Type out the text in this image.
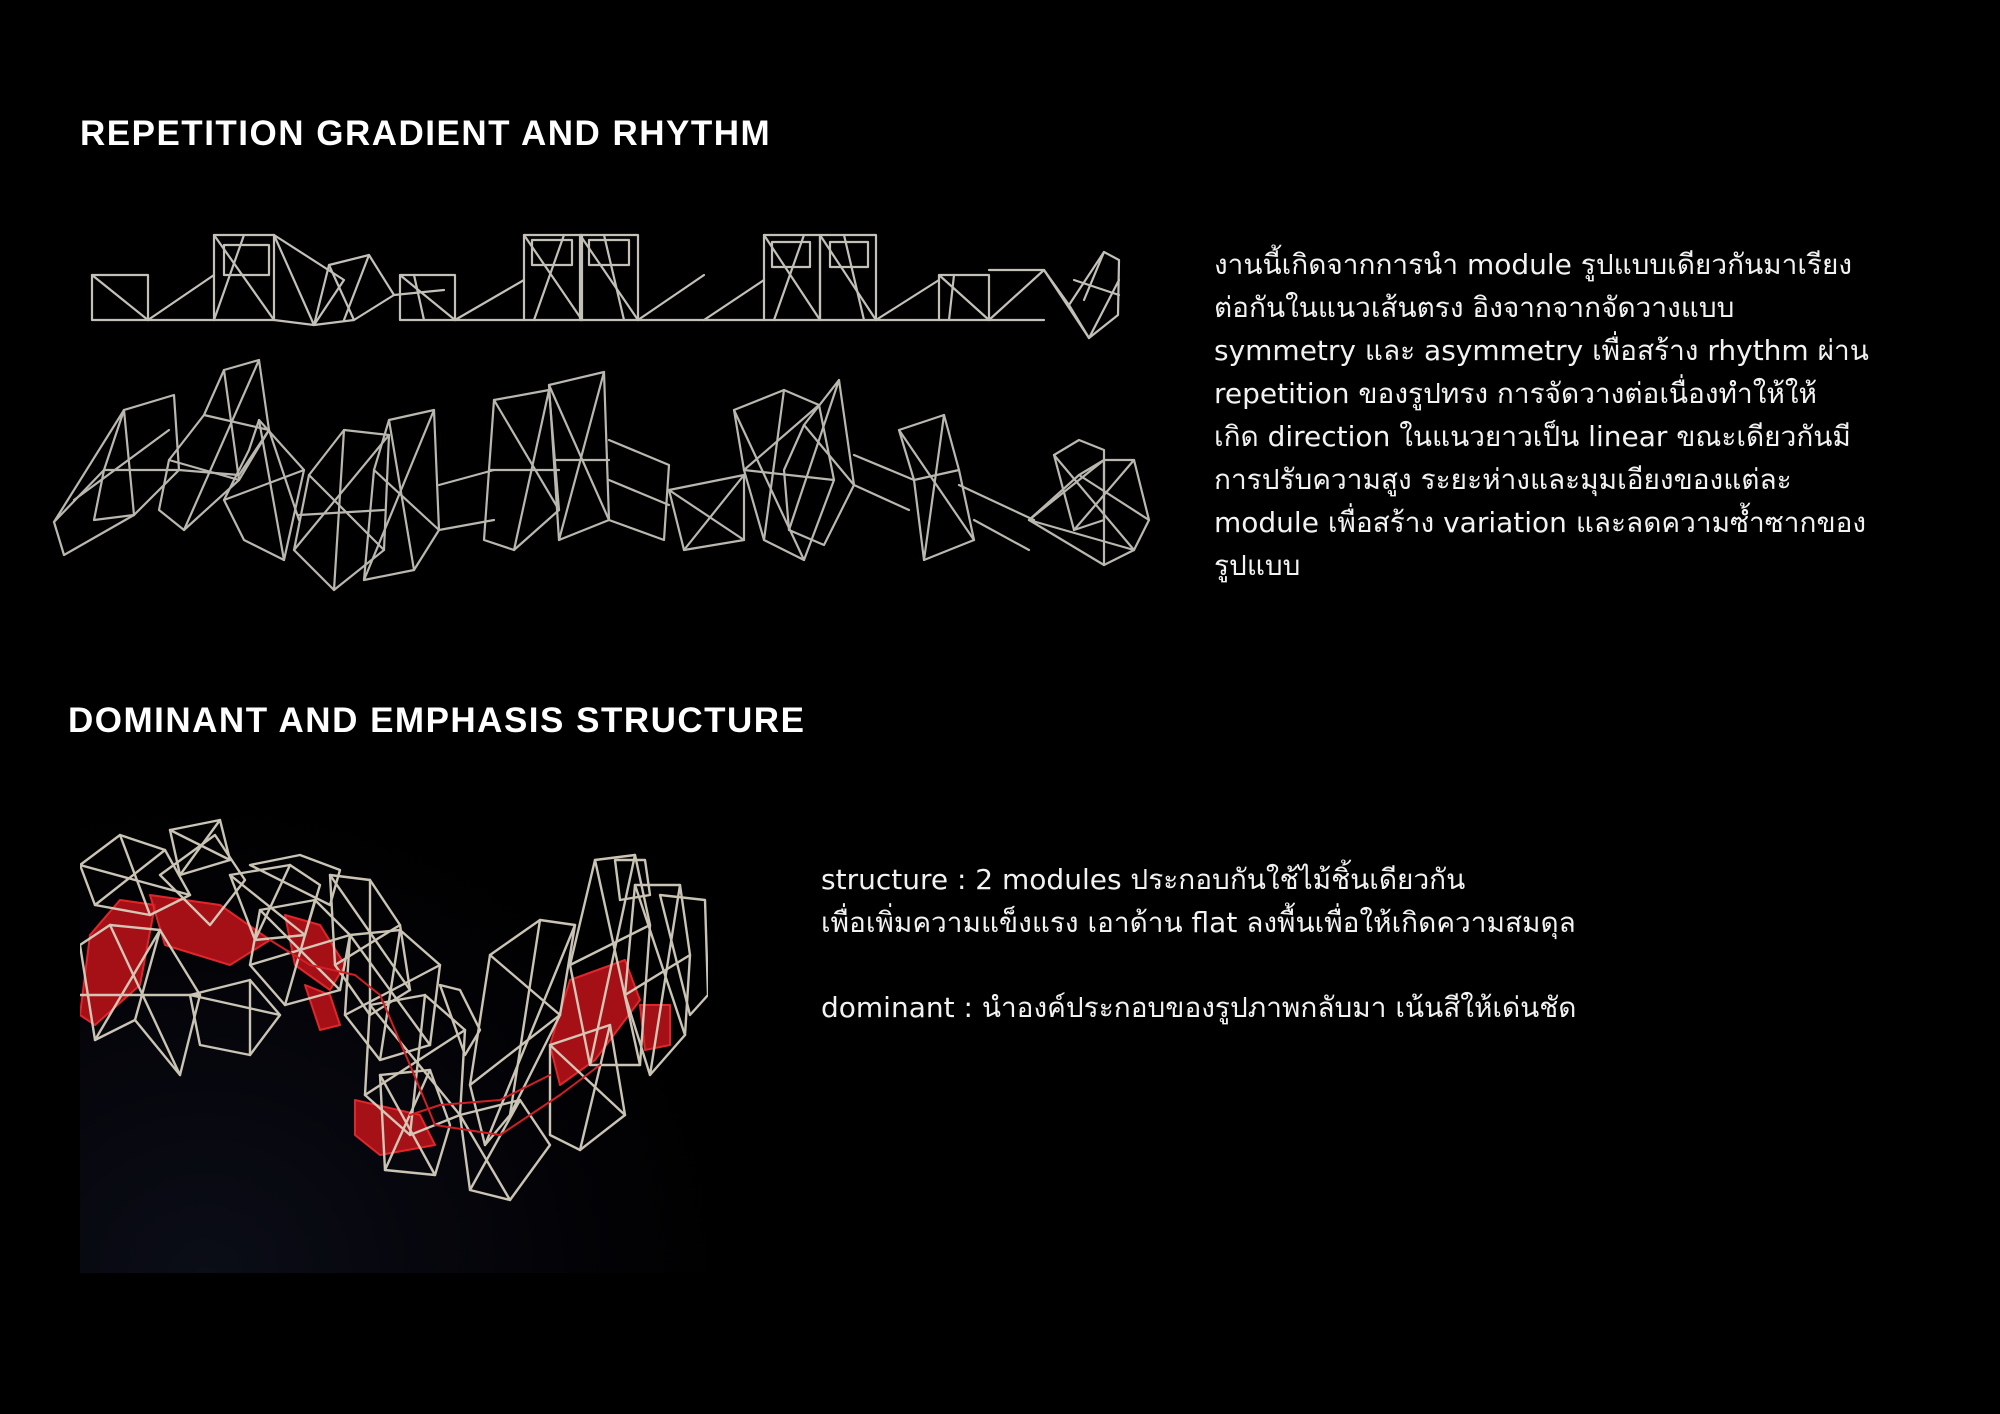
REPETITION GRADIENT AND RHYTHM
งานนี้เกิดจากการนำ module รูปแบบเดียวกันมาเรียง
ต่อกันในแนวเส้นตรง อิงจากจากจัดวางแบบ
symmetry และ asymmetry เพื่อสร้าง rhythm ผ่าน
repetition ของรูปทรง การจัดวางต่อเนื่องทำให้ให้
เกิด direction ในแนวยาวเป็น linear ขณะเดียวกันมี
การปรับความสูง ระยะห่างและมุมเอียงของแต่ละ
module เพื่อสร้าง variation และลดความซ้ำซากของ
รูปแบบ
DOMINANT AND EMPHASIS STRUCTURE
structure : 2 modules ประกอบกันใช้ไม้ชิ้นเดียวกัน
เพื่อเพิ่มความแข็งแรง เอาด้าน flat ลงพื้นเพื่อให้เกิดความสมดุล
dominant : นำองค์ประกอบของรูปภาพกลับมา เน้นสีให้เด่นชัด
